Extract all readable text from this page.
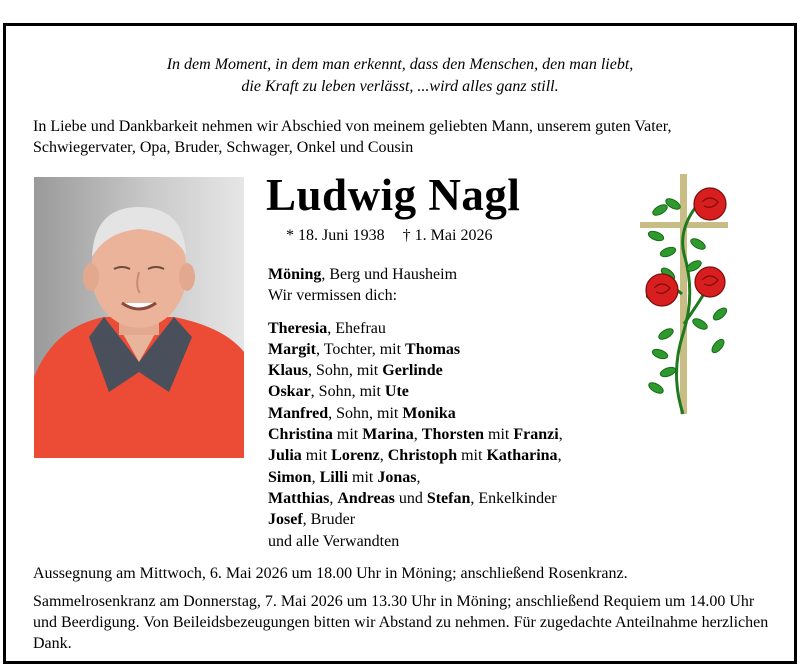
In dem Moment, in dem man erkennt, dass den Menschen, den man liebt,
die Kraft zu leben verlässt, ...wird alles ganz still.
In Liebe und Dankbarkeit nehmen wir Abschied von meinem geliebten Mann, unserem guten Vater, Schwiegervater, Opa, Bruder, Schwager, Onkel und Cousin
Ludwig Nagl
* 18. Juni 1938 † 1. Mai 2026
Möning, Berg und Hausheim
Wir vermissen dich:
Theresia, Ehefrau
Margit, Tochter, mit Thomas
Klaus, Sohn, mit Gerlinde
Oskar, Sohn, mit Ute
Manfred, Sohn, mit Monika
Christina mit Marina, Thorsten mit Franzi,
Julia mit Lorenz, Christoph mit Katharina,
Simon, Lilli mit Jonas,
Matthias, Andreas und Stefan, Enkelkinder
Josef, Bruder
und alle Verwandten
Aussegnung am Mittwoch, 6. Mai 2026 um 18.00 Uhr in Möning; anschließend Rosenkranz.
Sammelrosenkranz am Donnerstag, 7. Mai 2026 um 13.30 Uhr in Möning; anschließend Requiem um 14.00 Uhr und Beerdigung. Von Beileidsbezeugungen bitten wir Abstand zu nehmen. Für zugedachte Anteilnahme herzlichen Dank.
